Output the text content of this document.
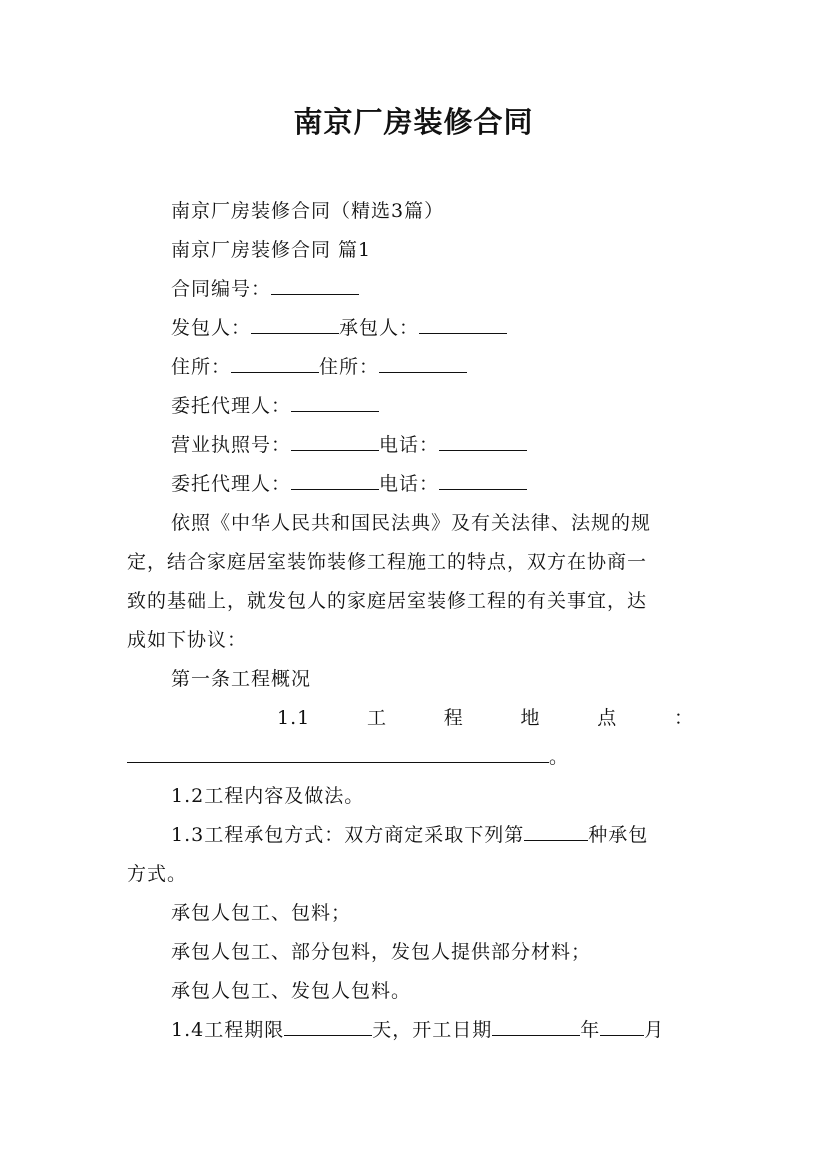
南京厂房装修合同
南京厂房装修合同（精选3篇）
南京厂房装修合同 篇1
合同编号：
发包人：	承包人：
住所：	住所：
委托代理人：
营业执照号：	电话：
委托代理人：	电话：
依照《中华人民共和国民法典》及有关法律、法规的规
定，结合家庭居室装饰装修工程施工的特点，双方在协商一
致的基础上，就发包人的家庭居室装修工程的有关事宜，达
成如下协议：
第一条工程概况
1.1	工	程	地	点	：
。
1.2工程内容及做法。
1.3工程承包方式：双方商定采取下列第	种承包
方式。
承包人包工、包料；
承包人包工、部分包料，发包人提供部分材料；
承包人包工、发包人包料。
1.4工程期限	天，开工日期	年 月
